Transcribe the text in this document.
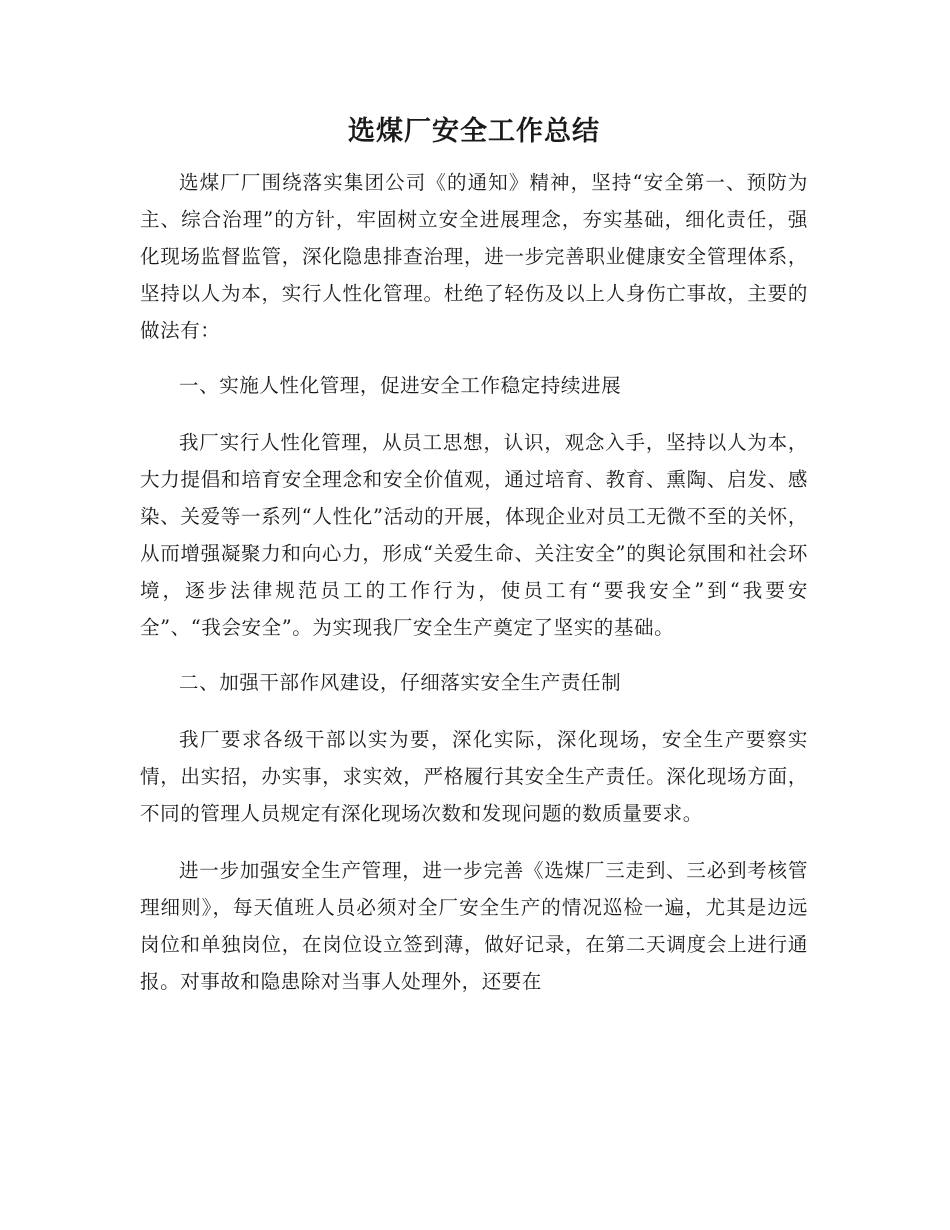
选煤厂安全工作总结

选煤厂厂围绕落实集团公司《的通知》精神，坚持“安全第一、预防为主、综合治理”的方针，牢固树立安全进展理念，夯实基础，细化责任，强化现场监督监管，深化隐患排查治理，进一步完善职业健康安全管理体系，坚持以人为本，实行人性化管理。杜绝了轻伤及以上人身伤亡事故，主要的做法有：

一、实施人性化管理，促进安全工作稳定持续进展

我厂实行人性化管理，从员工思想，认识，观念入手，坚持以人为本，大力提倡和培育安全理念和安全价值观，通过培育、教育、熏陶、启发、感染、关爱等一系列“人性化”活动的开展，体现企业对员工无微不至的关怀，从而增强凝聚力和向心力，形成“关爱生命、关注安全”的舆论氛围和社会环境，逐步法律规范员工的工作行为，使员工有“要我安全”到“我要安全”、“我会安全”。为实现我厂安全生产奠定了坚实的基础。

二、加强干部作风建设，仔细落实安全生产责任制

我厂要求各级干部以实为要，深化实际，深化现场，安全生产要察实情，出实招，办实事，求实效，严格履行其安全生产责任。深化现场方面，不同的管理人员规定有深化现场次数和发现问题的数质量要求。

进一步加强安全生产管理，进一步完善《选煤厂三走到、三必到考核管理细则》，每天值班人员必须对全厂安全生产的情况巡检一遍，尤其是边远岗位和单独岗位，在岗位设立签到薄，做好记录，在第二天调度会上进行通报。对事故和隐患除对当事人处理外，还要在
